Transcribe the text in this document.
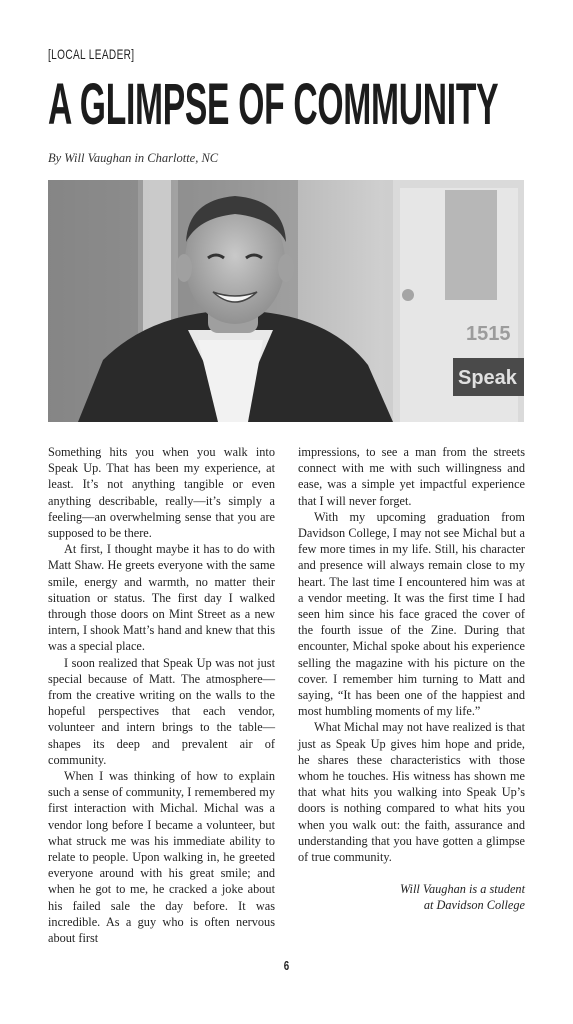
[LOCAL LEADER]
A GLIMPSE OF COMMUNITY
By Will Vaughan in Charlotte, NC
1515
Speak

Something hits you when you walk into Speak Up. That has been my experience, at least. It’s not anything tangible or even anything describable, really—it’s simply a feeling—an overwhelming sense that you are supposed to be there.

At first, I thought maybe it has to do with Matt Shaw. He greets everyone with the same smile, energy and warmth, no matter their situation or status. The first day I walked through those doors on Mint Street as a new intern, I shook Matt’s hand and knew that this was a special place.

I soon realized that Speak Up was not just special because of Matt. The atmosphere—from the creative writing on the walls to the hopeful perspectives that each vendor, volunteer and intern brings to the table—shapes its deep and prevalent air of community.

When I was thinking of how to explain such a sense of community, I remembered my first interaction with Michal. Michal was a vendor long before I became a volunteer, but what struck me was his immediate ability to relate to people. Upon walking in, he greeted everyone around with his great smile; and when he got to me, he cracked a joke about his failed sale the day before. It was incredible. As a guy who is often nervous about first

impressions, to see a man from the streets connect with me with such willingness and ease, was a simple yet impactful experience that I will never forget.

With my upcoming graduation from Davidson College, I may not see Michal but a few more times in my life. Still, his character and presence will always remain close to my heart. The last time I encountered him was at a vendor meeting. It was the first time I had seen him since his face graced the cover of the fourth issue of the Zine. During that encounter, Michal spoke about his experience selling the magazine with his picture on the cover. I remember him turning to Matt and saying, “It has been one of the happiest and most humbling moments of my life.”

What Michal may not have realized is that just as Speak Up gives him hope and pride, he shares these characteristics with those whom he touches. His witness has shown me that what hits you walking into Speak Up’s doors is nothing compared to what hits you when you walk out: the faith, assurance and understanding that you have gotten a glimpse of true community.

Will Vaughan is a student
at Davidson College
6
